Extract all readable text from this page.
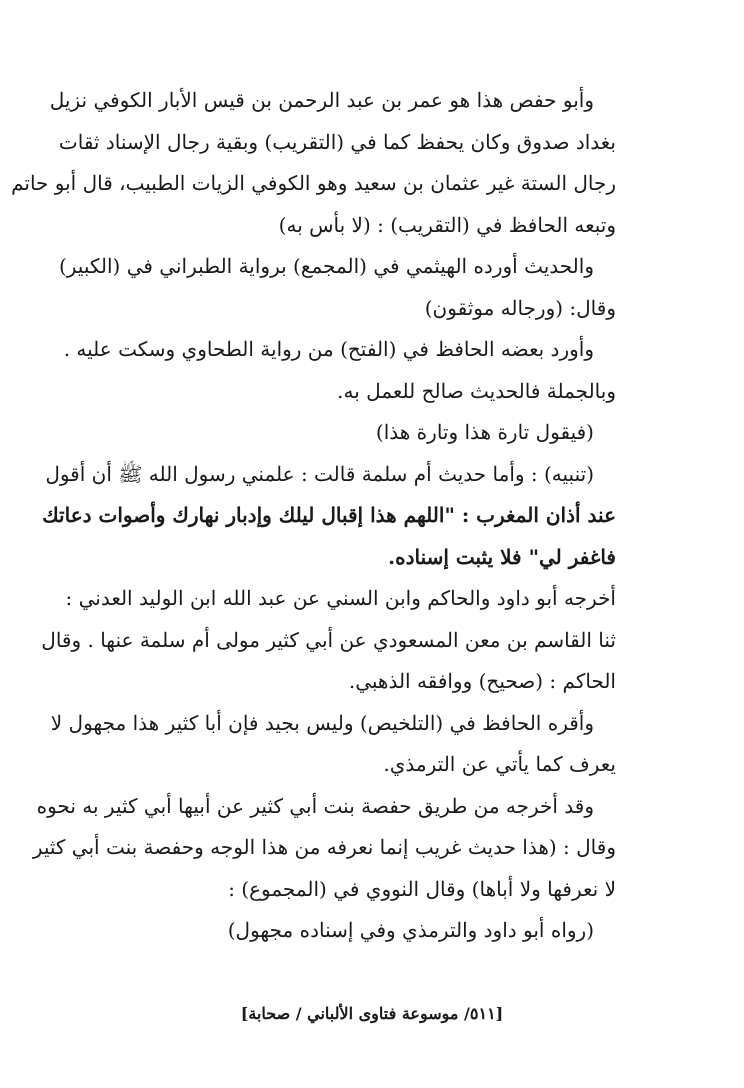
وأبو حفص هذا هو عمر بن عبد الرحمن بن قيس الأبار الكوفي نزيل
بغداد صدوق وكان يحفظ كما في (التقريب) وبقية رجال الإسناد ثقات
رجال الستة غير عثمان بن سعيد وهو الكوفي الزيات الطبيب، قال أبو حاتم
وتبعه الحافظ في (التقريب) : (لا بأس به)
والحديث أورده الهيثمي في (المجمع) برواية الطبراني في (الكبير)
وقال: (ورجاله موثقون)
وأورد بعضه الحافظ في (الفتح) من رواية الطحاوي وسكت عليه .
وبالجملة فالحديث صالح للعمل به.
(فيقول تارة هذا وتارة هذا)
(تنبيه) : وأما حديث أم سلمة قالت : علمني رسول الله ﷺ أن أقول
عند أذان المغرب : "اللهم هذا إقبال ليلك وإدبار نهارك وأصوات دعاتك
فاغفر لي" فلا يثبت إسناده.
أخرجه أبو داود والحاكم وابن السني عن عبد الله ابن الوليد العدني :
ثنا القاسم بن معن المسعودي عن أبي كثير مولى أم سلمة عنها . وقال
الحاكم : (صحيح) ووافقه الذهبي.
وأقره الحافظ في (التلخيص) وليس بجيد فإن أبا كثير هذا مجهول لا
يعرف كما يأتي عن الترمذي.
وقد أخرجه من طريق حفصة بنت أبي كثير عن أبيها أبي كثير به نحوه
وقال : (هذا حديث غريب إنما نعرفه من هذا الوجه وحفصة بنت أبي كثير
لا نعرفها ولا أباها) وقال النووي في (المجموع) :
(رواه أبو داود والترمذي وفي إسناده مجهول)
[٥١١/ موسوعة فتاوى الألباني / صحابة]
